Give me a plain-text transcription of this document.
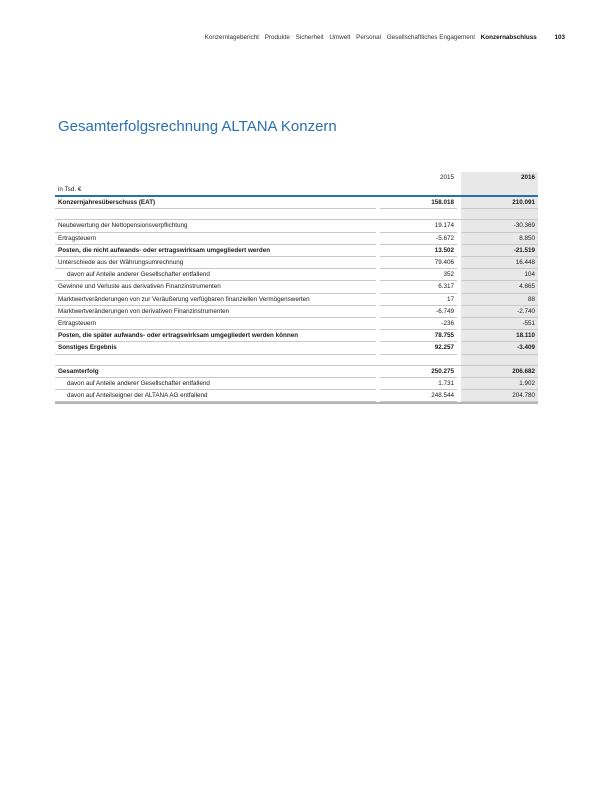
Konzernlagebericht Produkte Sicherheit Umwelt Personal Gesellschaftliches Engagement Konzernabschluss	103
Gesamterfolgsrechnung ALTANA Konzern
		2015		2016
in Tsd. €				
Konzernjahresüberschuss (EAT)		158.018		210.091

Neubewertung der Nettopensionsverpflichtung		19.174		-30.369
Ertragsteuern		-5.672		8.850
Posten, die nicht aufwands- oder ertragswirksam umgegliedert werden		13.502		-21.519
Unterschiede aus der Währungsumrechnung		79.406		16.448
davon auf Anteile anderer Gesellschafter entfallend		352		104
Gewinne und Verluste aus derivativen Finanzinstrumenten		6.317		4.865
Marktwertveränderungen von zur Veräußerung verfügbaren finanziellen Vermögenswerten		17		88
Marktwertveränderungen von derivativen Finanzinstrumenten		-6.749		-2.740
Ertragsteuern		-236		-551
Posten, die später aufwands- oder ertragswirksam umgegliedert werden können		78.755		18.110
Sonstiges Ergebnis		92.257		-3.409

Gesamterfolg		250.275		206.682
davon auf Anteile anderer Gesellschafter entfallend		1.731		1.902
davon auf Anteilseigner der ALTANA AG entfallend		248.544		204.780
